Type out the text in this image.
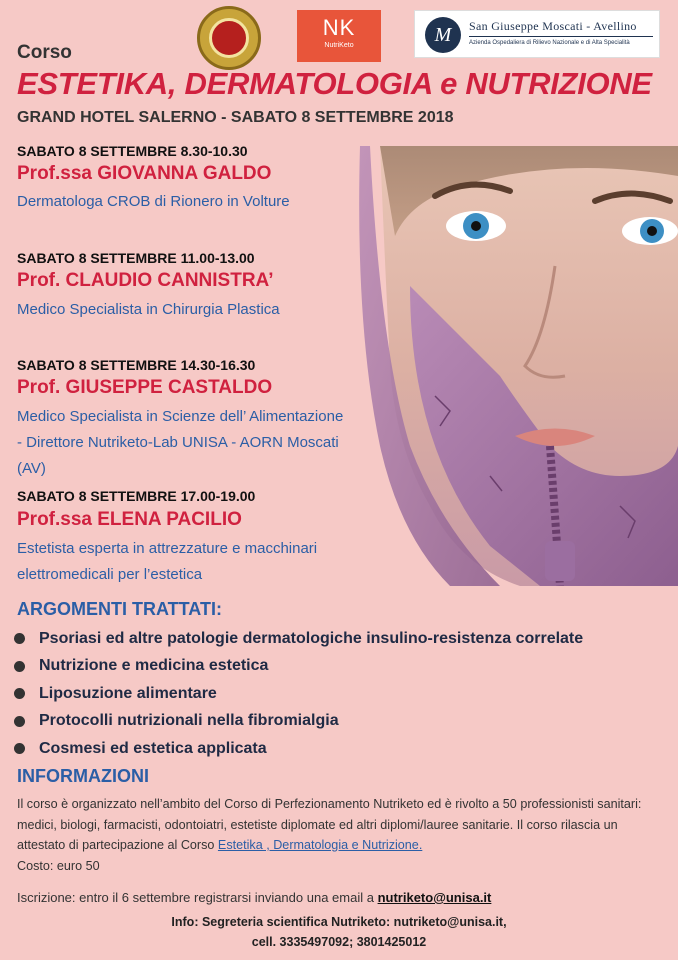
NK
NutriKeto	M	San Giuseppe Moscati - Avellino
Azienda Ospedaliera di Rilievo Nazionale e di Alta Specialità
Corso
ESTETIKA, DERMATOLOGIA e NUTRIZIONE
GRAND HOTEL SALERNO - SABATO 8 SETTEMBRE 2018
SABATO 8 SETTEMBRE 8.30-10.30
Prof.ssa GIOVANNA GALDO
Dermatologa CROB di Rionero in Volture
SABATO 8 SETTEMBRE 11.00-13.00
Prof. CLAUDIO CANNISTRA’
Medico Specialista in Chirurgia Plastica
SABATO 8 SETTEMBRE 14.30-16.30
Prof. GIUSEPPE CASTALDO
Medico Specialista in Scienze dell’ Alimentazione - Direttore Nutriketo-Lab UNISA - AORN Moscati (AV)
SABATO 8 SETTEMBRE 17.00-19.00
Prof.ssa ELENA PACILIO
Estetista esperta in attrezzature e macchinari elettromedicali per l’estetica
ARGOMENTI TRATTATI:
Psoriasi ed altre patologie dermatologiche insulino-resistenza correlate
Nutrizione e medicina estetica
Liposuzione alimentare
Protocolli nutrizionali nella fibromialgia
Cosmesi ed estetica applicata
INFORMAZIONI
Il corso è organizzato nell’ambito del Corso di Perfezionamento Nutriketo ed è rivolto a 50 professionisti sanitari: medici, biologi, farmacisti, odontoiatri, estetiste diplomate ed altri diplomi/lauree sanitarie. Il corso rilascia un attestato di partecipazione al Corso Estetika , Dermatologia e Nutrizione.
Costo: euro 50
Iscrizione: entro il 6 settembre registrarsi inviando una email a nutriketo@unisa.it
Info: Segreteria scientifica Nutriketo: nutriketo@unisa.it,
cell. 3335497092; 3801425012
